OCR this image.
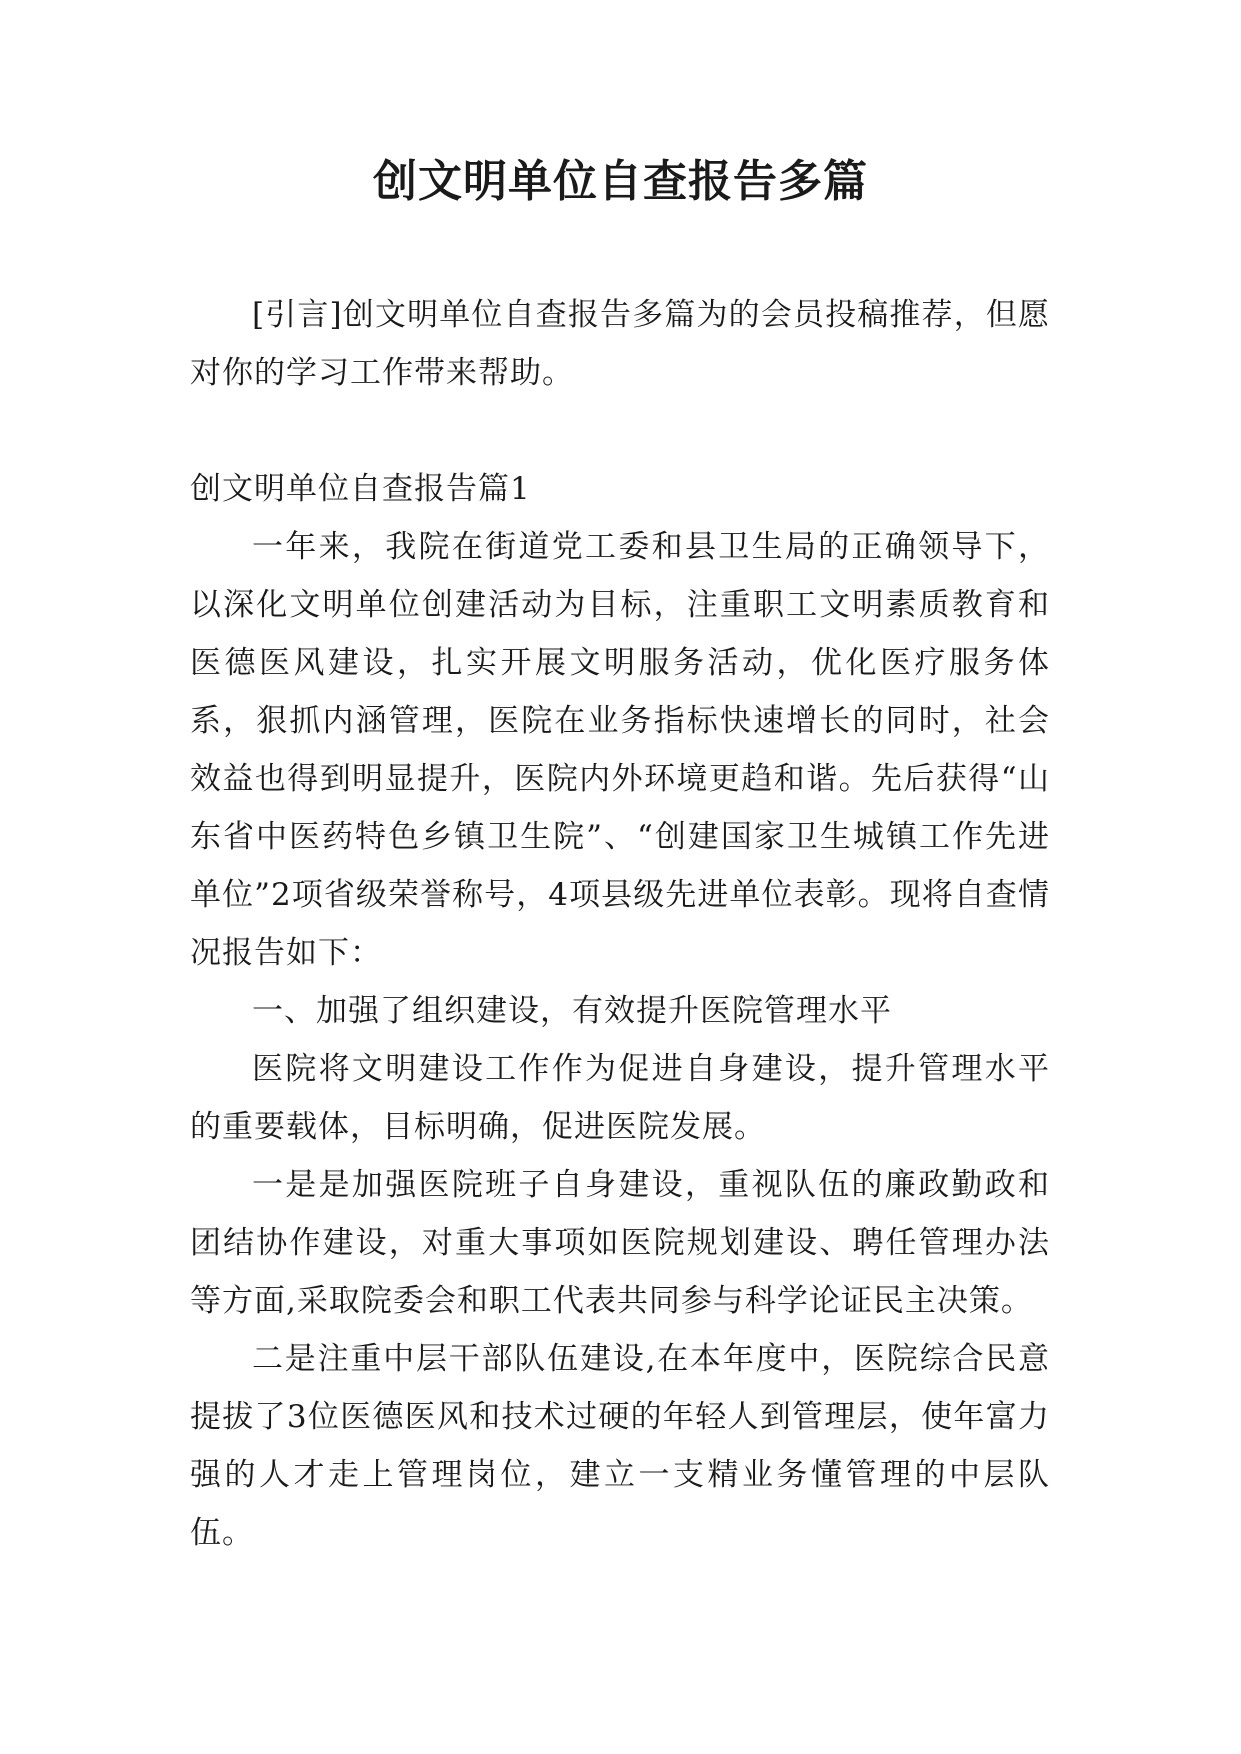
创文明单位自查报告多篇

[引言]创文明单位自查报告多篇为的会员投稿推荐，但愿对你的学习工作带来帮助。

创文明单位自查报告篇1

一年来，我院在街道党工委和县卫生局的正确领导下，以深化文明单位创建活动为目标，注重职工文明素质教育和医德医风建设，扎实开展文明服务活动，优化医疗服务体系，狠抓内涵管理，医院在业务指标快速增长的同时，社会效益也得到明显提升，医院内外环境更趋和谐。先后获得“山东省中医药特色乡镇卫生院”、“创建国家卫生城镇工作先进单位”2项省级荣誉称号，4项县级先进单位表彰。现将自查情况报告如下：

一、加强了组织建设，有效提升医院管理水平

医院将文明建设工作作为促进自身建设，提升管理水平的重要载体，目标明确，促进医院发展。

一是是加强医院班子自身建设，重视队伍的廉政勤政和团结协作建设，对重大事项如医院规划建设、聘任管理办法等方面,采取院委会和职工代表共同参与科学论证民主决策。

二是注重中层干部队伍建设,在本年度中，医院综合民意提拔了3位医德医风和技术过硬的年轻人到管理层，使年富力强的人才走上管理岗位，建立一支精业务懂管理的中层队伍。
